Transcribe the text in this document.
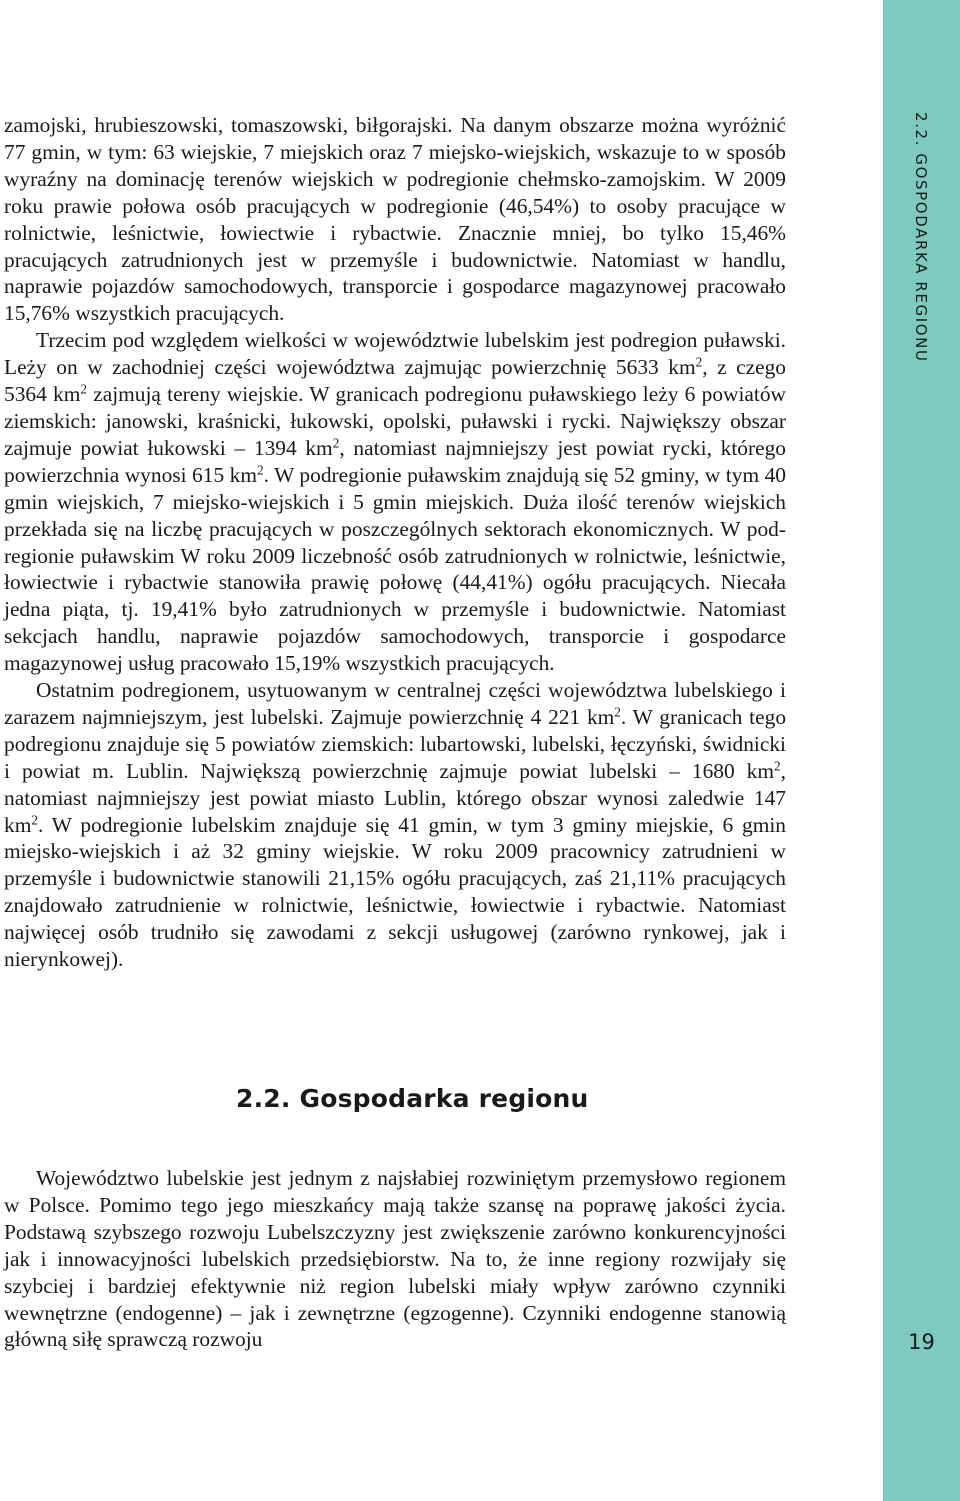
2.2. GOSPODARKA REGIONU
19

zamojski, hrubieszowski, tomaszowski, biłgorajski. Na danym obszarze można wyróżnić 77 gmin, w tym: 63 wiejskie, 7 miejskich oraz 7 miejsko-wiejskich, wskazuje to w sposób wyraźny na dominację terenów wiejskich w podregionie chełmsko-zamojskim. W 2009 roku prawie połowa osób pracujących w podregionie (46,54%) to osoby pracujące w rolnictwie, leśnictwie, łowiectwie i rybactwie. Znacznie mniej, bo tylko 15,46% pracujących zatrudnionych jest w przemyśle i budownictwie. Natomiast w handlu, naprawie pojazdów samochodowych, transporcie i gospodarce magazynowej pracowało 15,76% wszystkich pracujących.

Trzecim pod względem wielkości w województwie lubelskim jest podregion puławski. Leży on w zachodniej części województwa zajmując powierzchnię 5633 $km^2$, z czego 5364 $km^2$ zajmują tereny wiejskie. W granicach podregionu puławskiego leży 6 powiatów ziemskich: janowski, kraśnicki, łukowski, opolski, puławski i rycki. Największy obszar zajmuje powiat łukowski – 1394 $km^2$, natomiast najmniejszy jest powiat rycki, którego powierzchnia wynosi 615 $km^2$. W podregionie puławskim znajdują się 52 gminy, w tym 40 gmin wiejskich, 7 miejsko-wiejskich i 5 gmin miejskich. Duża ilość terenów wiejskich przekłada się na liczbę pracujących w poszczególnych sektorach ekonomicznych. W podregionie puławskim W roku 2009 liczebność osób zatrudnionych w rolnictwie, leśnictwie, łowiectwie i rybactwie stanowiła prawię połowę (44,41%) ogółu pracujących. Niecała jedna piąta, tj. 19,41% było zatrudnionych w przemyśle i budownictwie. Natomiast sekcjach handlu, naprawie pojazdów samochodowych, transporcie i gospodarce magazynowej usług pracowało 15,19% wszystkich pracujących.

Ostatnim podregionem, usytuowanym w centralnej części województwa lubelskiego i zarazem najmniejszym, jest lubelski. Zajmuje powierzchnię 4 221 $km^2$. W granicach tego podregionu znajduje się 5 powiatów ziemskich: lubartowski, lubelski, łęczyński, świdnicki i powiat m. Lublin. Największą powierzchnię zajmuje powiat lubelski – 1680 $km^2$, natomiast najmniejszy jest powiat miasto Lublin, którego obszar wynosi zaledwie 147 $km^2$. W podregionie lubelskim znajduje się 41 gmin, w tym 3 gminy miejskie, 6 gmin miejsko-wiejskich i aż 32 gminy wiejskie. W roku 2009 pracownicy zatrudnieni w przemyśle i budownictwie stanowili 21,15% ogółu pracujących, zaś 21,11% pracujących znajdowało zatrudnienie w rolnictwie, leśnictwie, łowiectwie i rybactwie. Natomiast najwięcej osób trudniło się zawodami z sekcji usługowej (zarówno rynkowej, jak i nierynkowej).

2.2. Gospodarka regionu

Województwo lubelskie jest jednym z najsłabiej rozwiniętym przemysłowo regionem w Polsce. Pomimo tego jego mieszkańcy mają także szansę na poprawę jakości życia. Podstawą szybszego rozwoju Lubelszczyzny jest zwiększenie zarówno konkurencyjności jak i innowacyjności lubelskich przedsiębiorstw. Na to, że inne regiony rozwijały się szybciej i bardziej efektywnie niż region lubelski miały wpływ zarówno czynniki wewnętrzne (endogenne) – jak i zewnętrzne (egzogenne). Czynniki endogenne stanowią główną siłę sprawczą rozwoju
